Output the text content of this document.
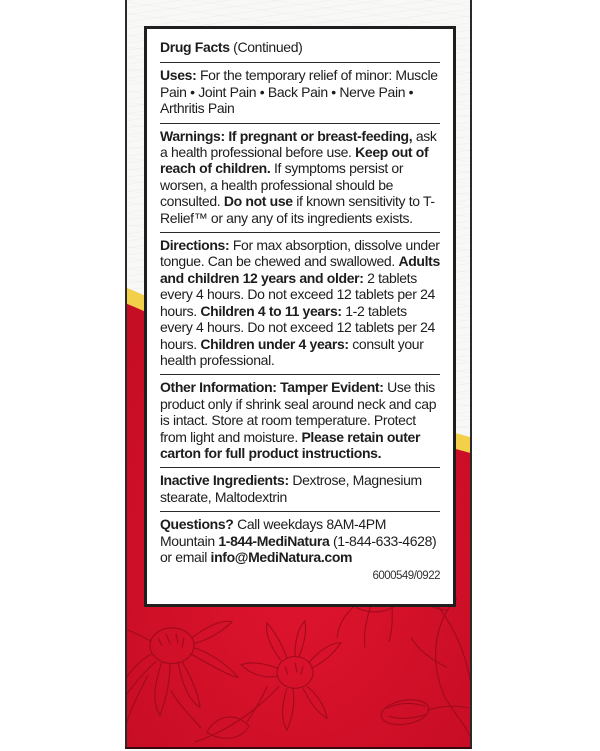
Drug Facts (Continued)

Uses: For the temporary relief of minor: Muscle Pain • Joint Pain • Back Pain • Nerve Pain • Arthritis Pain

Warnings: If pregnant or breast-feeding, ask a health professional before use. Keep out of reach of children. If symptoms persist or worsen, a health professional should be consulted. Do not use if known sensitivity to T-Relief™ or any any of its ingredients exists.

Directions: For max absorption, dissolve under tongue. Can be chewed and swallowed. Adults and children 12 years and older: 2 tablets every 4 hours. Do not exceed 12 tablets per 24 hours. Children 4 to 11 years: 1-2 tablets every 4 hours. Do not exceed 12 tablets per 24 hours. Children under 4 years: consult your health professional.

Other Information: Tamper Evident: Use this product only if shrink seal around neck and cap is intact. Store at room temperature. Protect from light and moisture. Please retain outer carton for full product instructions.

Inactive Ingredients: Dextrose, Magnesium stearate, Maltodextrin

Questions? Call weekdays 8AM-4PM Mountain 1-844-MediNatura (1-844-633-4628) or email info@MediNatura.com

6000549/0922
